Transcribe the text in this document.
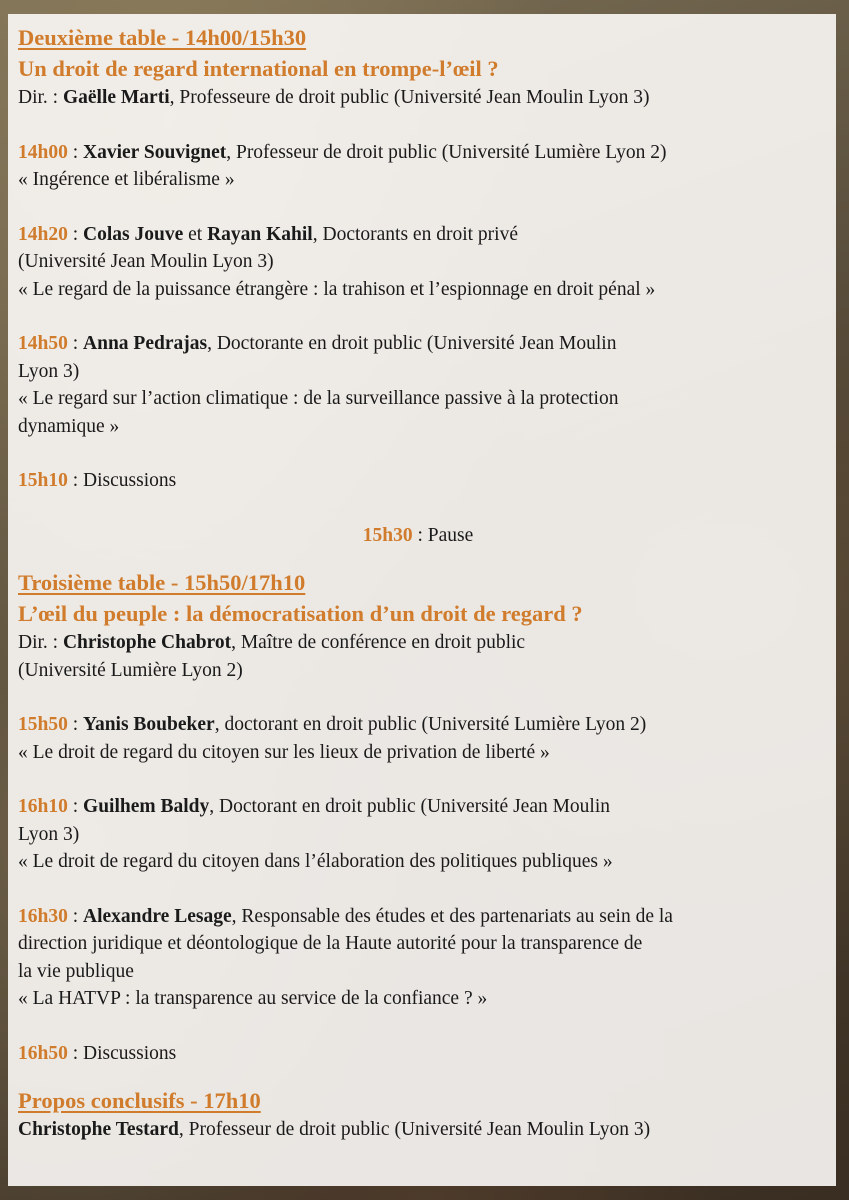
Deuxième table - 14h00/15h30
Un droit de regard international en trompe-l’œil ?

Dir. : Gaëlle Marti, Professeure de droit public (Université Jean Moulin Lyon 3)

14h00 : Xavier Souvignet, Professeur de droit public (Université Lumière Lyon 2)

« Ingérence et libéralisme »

14h20 : Colas Jouve et Rayan Kahil, Doctorants en droit privé

(Université Jean Moulin Lyon 3)

« Le regard de la puissance étrangère : la trahison et l’espionnage en droit pénal »

14h50 : Anna Pedrajas, Doctorante en droit public (Université Jean Moulin

Lyon 3)

« Le regard sur l’action climatique : de la surveillance passive à la protection

dynamique »

15h10 : Discussions

15h30 : Pause

Troisième table - 15h50/17h10
L’œil du peuple : la démocratisation d’un droit de regard ?

Dir. : Christophe Chabrot, Maître de conférence en droit public

(Université Lumière Lyon 2)

15h50 : Yanis Boubeker, doctorant en droit public (Université Lumière Lyon 2)

« Le droit de regard du citoyen sur les lieux de privation de liberté »

16h10 : Guilhem Baldy, Doctorant en droit public (Université Jean Moulin

Lyon 3)

« Le droit de regard du citoyen dans l’élaboration des politiques publiques »

16h30 : Alexandre Lesage, Responsable des études et des partenariats au sein de la

direction juridique et déontologique de la Haute autorité pour la transparence de

la vie publique

« La HATVP : la transparence au service de la confiance ? »

16h50 : Discussions

Propos conclusifs - 17h10

Christophe Testard, Professeur de droit public (Université Jean Moulin Lyon 3)
